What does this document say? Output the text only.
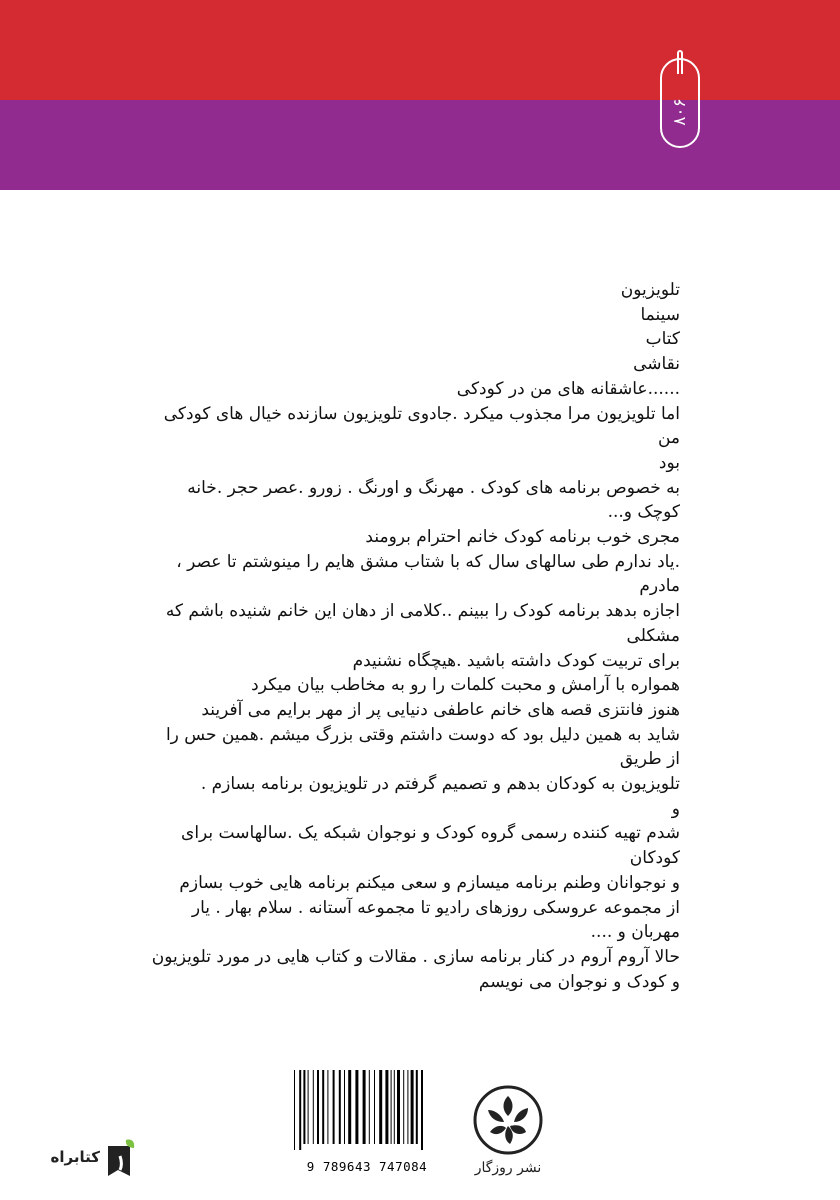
۸۰۶

تلویزیون

سینما

کتاب

نقاشی

......عاشقانه های من در کودکی

اما تلویزیون مرا مجذوب میکرد .جادوی تلویزیون سازنده خیال های کودکی من

بود

به خصوص برنامه های کودک . مهرنگ و اورنگ . زورو .عصر حجر .خانه

کوچک و...

مجری خوب برنامه کودک خانم احترام برومند

.یاد ندارم طی سالهای سال که با شتاب مشق هایم را مینوشتم تا عصر ، مادرم

اجازه بدهد برنامه کودک را ببینم ..کلامی از دهان این خانم شنیده باشم که مشکلی

برای تربیت کودک داشته باشید .هیچگاه نشنیدم

همواره با آرامش و محبت کلمات را رو به مخاطب بیان میکرد

هنوز فانتزی قصه های خانم عاطفی دنیایی پر از مهر برایم می آفریند

شاید به همین دلیل بود که دوست داشتم وقتی بزرگ میشم .همین حس را از طریق

تلویزیون به کودکان بدهم و تصمیم گرفتم در تلویزیون برنامه بسازم .

و

شدم تهیه کننده رسمی گروه کودک و نوجوان شبکه یک .سالهاست برای کودکان

و نوجوانان وطنم برنامه میسازم و سعی میکنم برنامه هایی خوب بسازم

از مجموعه عروسکی روزهای رادیو تا مجموعه آستانه . سلام بهار . یار مهربان و ....

حالا آروم آروم در کنار برنامه سازی . مقالات و کتاب هایی در مورد تلویزیون

و کودک و نوجوان می نویسم

9 789643 747084	نشر روزگار
کتابراه
